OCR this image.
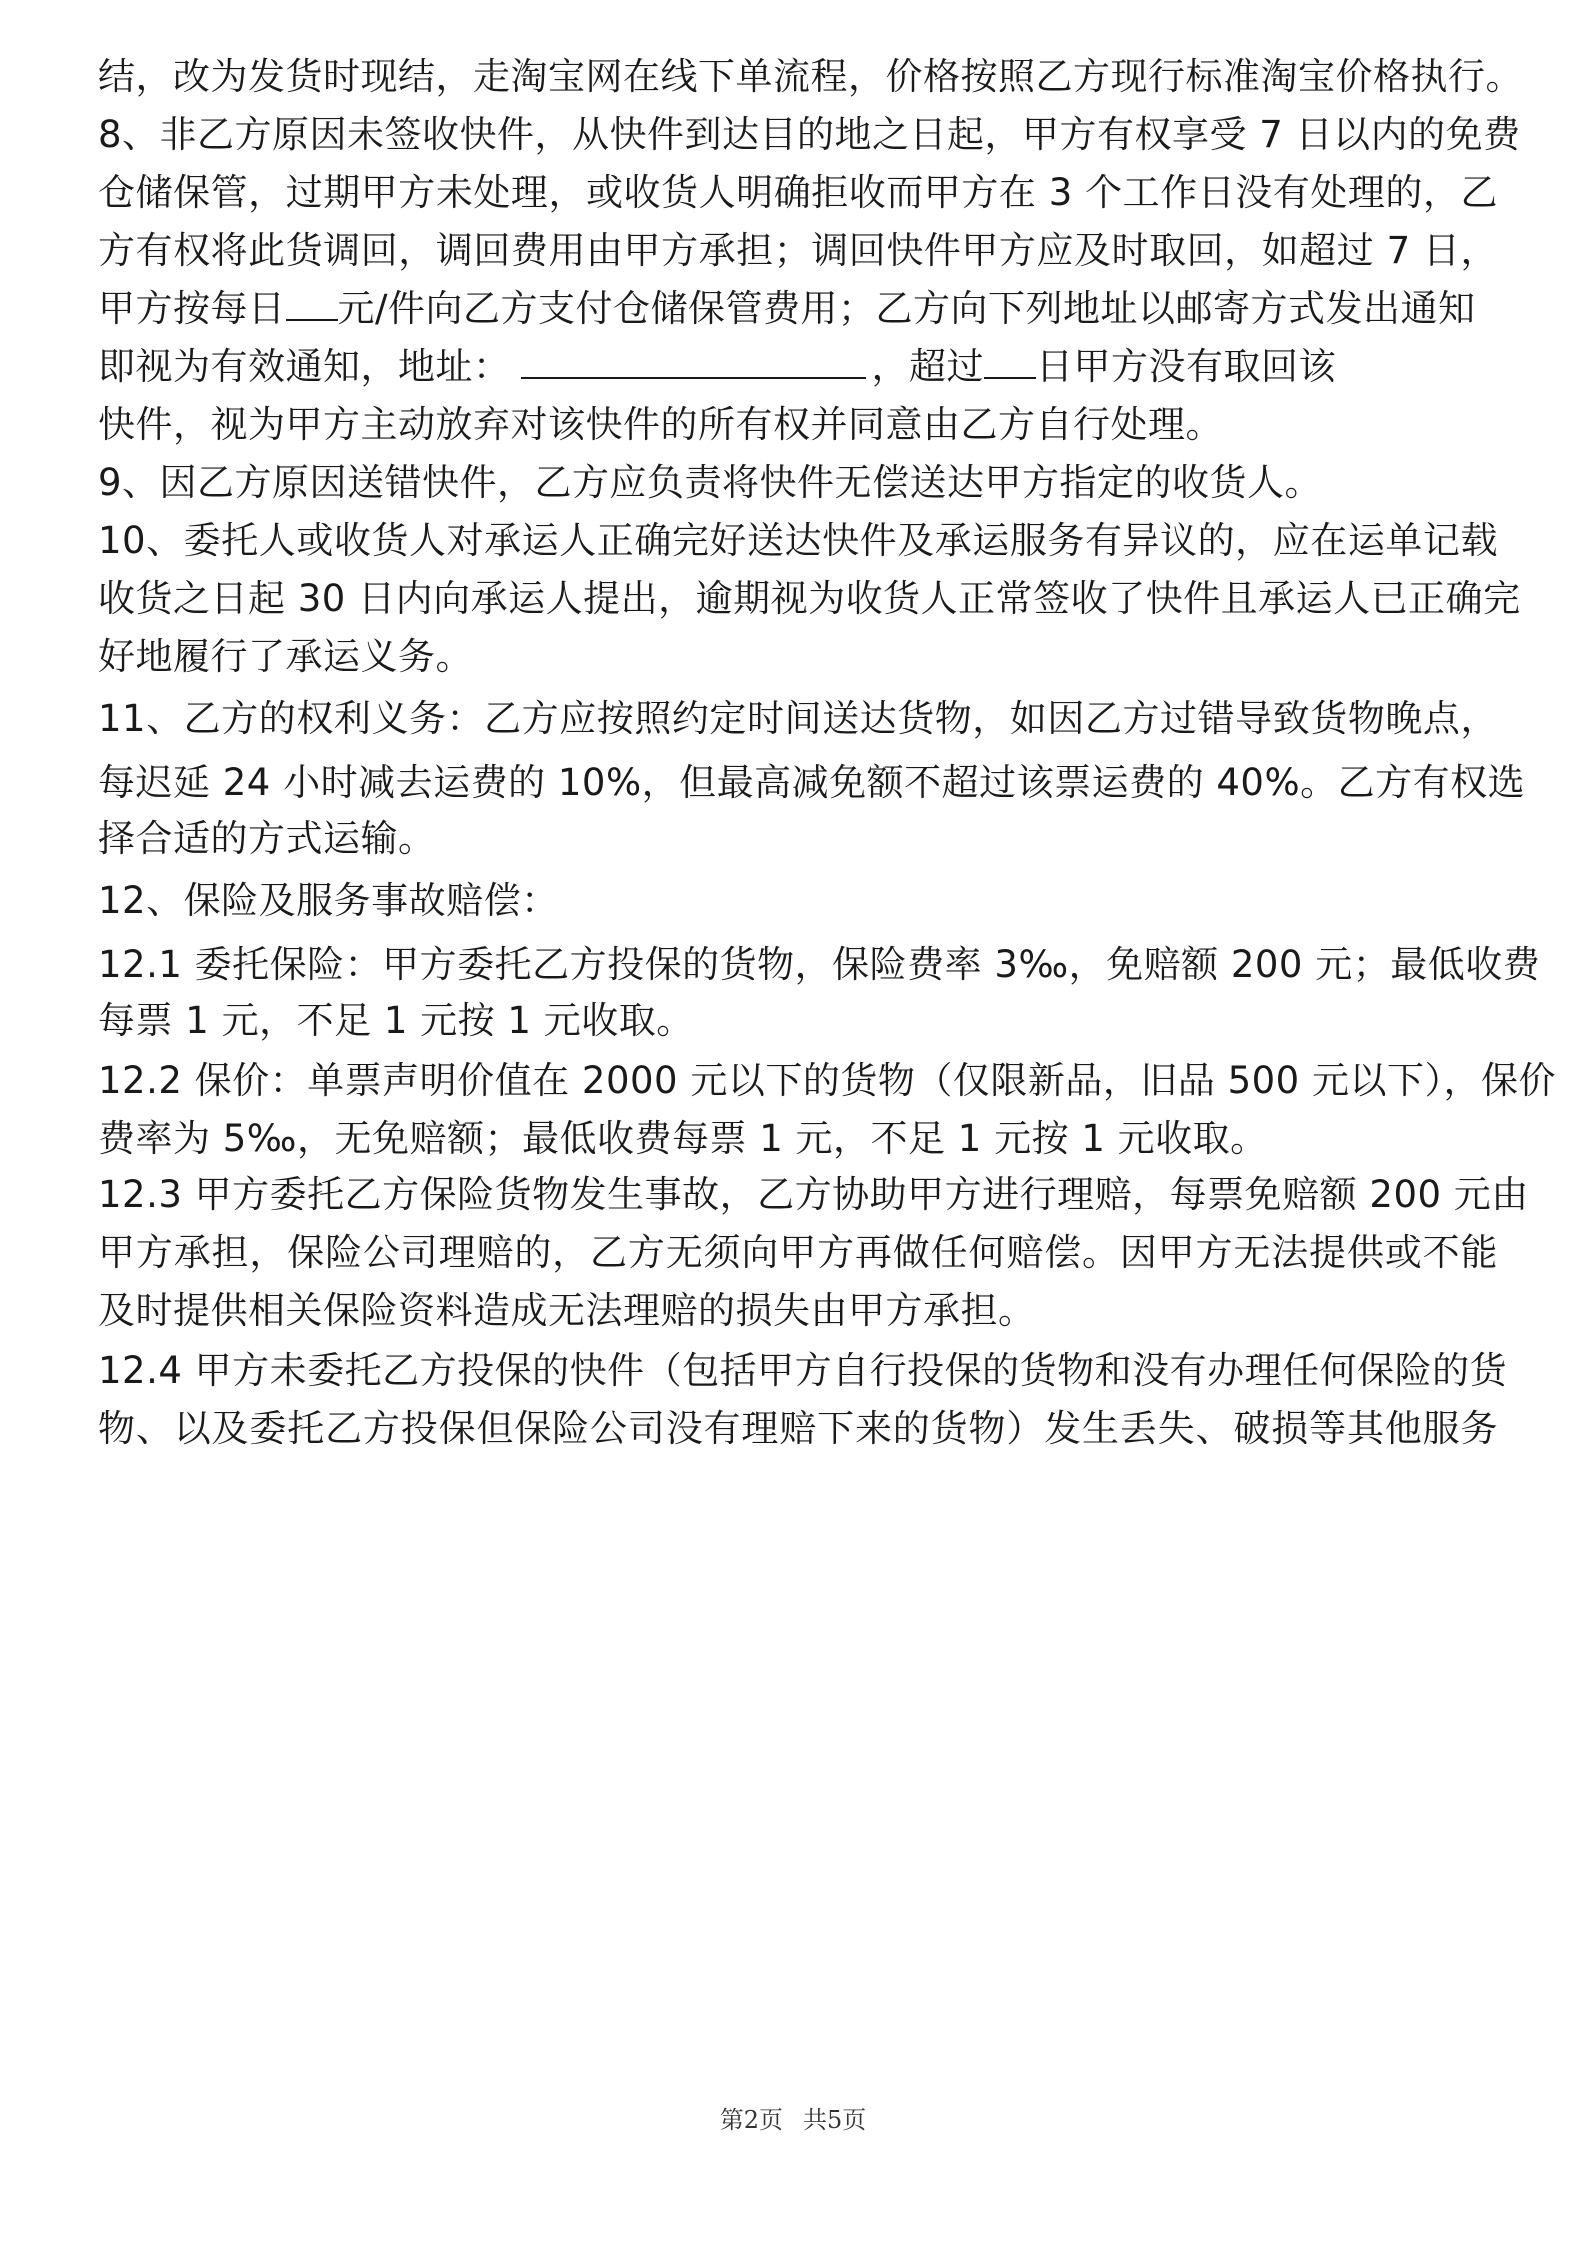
结，改为发货时现结，走淘宝网在线下单流程，价格按照乙方现行标准淘宝价格执行。
8、非乙方原因未签收快件，从快件到达目的地之日起，甲方有权享受 7 日以内的免费
仓储保管，过期甲方未处理，或收货人明确拒收而甲方在 3 个工作日没有处理的，乙
方有权将此货调回，调回费用由甲方承担；调回快件甲方应及时取回，如超过 7 日，
甲方按每日 元/件向乙方支付仓储保管费用；乙方向下列地址以邮寄方式发出通知
即视为有效通知，地址：	，超过 日甲方没有取回该
快件，视为甲方主动放弃对该快件的所有权并同意由乙方自行处理。
9、因乙方原因送错快件，乙方应负责将快件无偿送达甲方指定的收货人。
10、委托人或收货人对承运人正确完好送达快件及承运服务有异议的，应在运单记载
收货之日起 30 日内向承运人提出，逾期视为收货人正常签收了快件且承运人已正确完
好地履行了承运义务。
11、乙方的权利义务：乙方应按照约定时间送达货物，如因乙方过错导致货物晚点，
每迟延 24 小时减去运费的 10%，但最高减免额不超过该票运费的 40%。乙方有权选
择合适的方式运输。
12、保险及服务事故赔偿：
12.1 委托保险：甲方委托乙方投保的货物，保险费率 3‰，免赔额 200 元；最低收费
每票 1 元，不足 1 元按 1 元收取。
12.2 保价：单票声明价值在 2000 元以下的货物（仅限新品，旧品 500 元以下），保价
费率为 5‰，无免赔额；最低收费每票 1 元，不足 1 元按 1 元收取。
12.3 甲方委托乙方保险货物发生事故，乙方协助甲方进行理赔，每票免赔额 200 元由
甲方承担，保险公司理赔的，乙方无须向甲方再做任何赔偿。因甲方无法提供或不能
及时提供相关保险资料造成无法理赔的损失由甲方承担。
12.4 甲方未委托乙方投保的快件（包括甲方自行投保的货物和没有办理任何保险的货
物、以及委托乙方投保但保险公司没有理赔下来的货物）发生丢失、破损等其他服务
第2页 共5页
